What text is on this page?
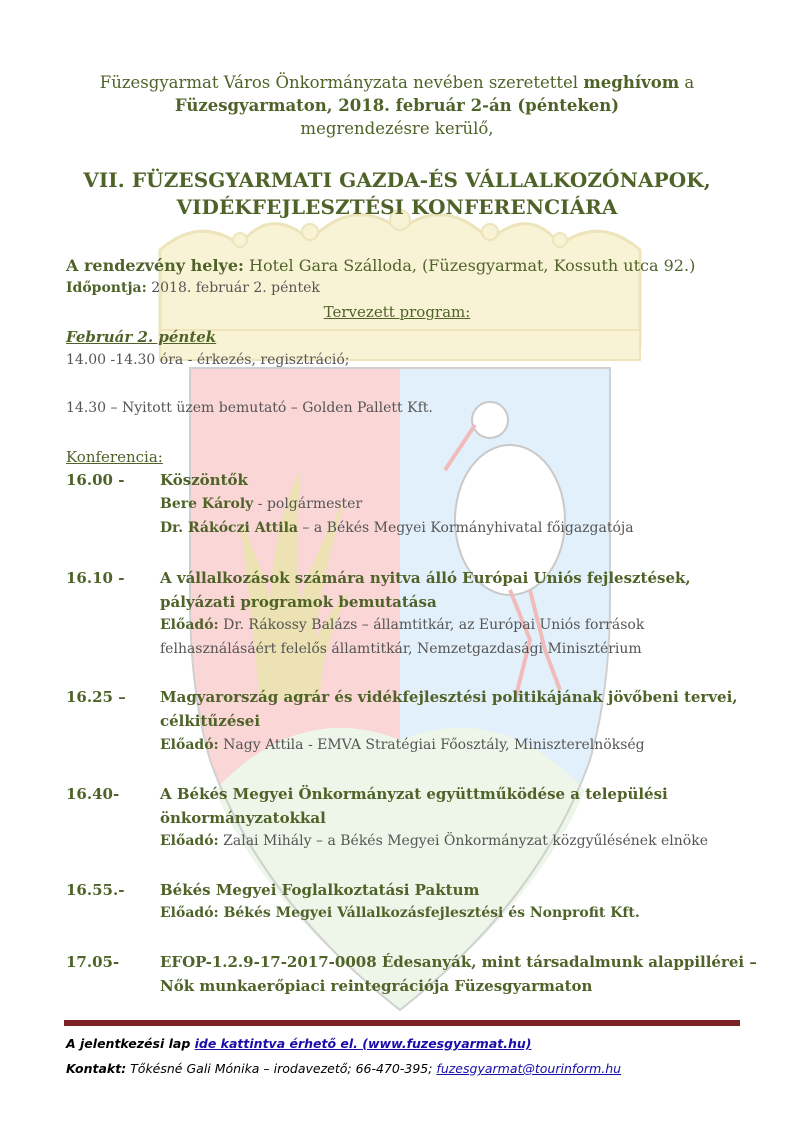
Füzesgyarmat Város Önkormányzata nevében szeretettel meghívom a
Füzesgyarmaton, 2018. február 2-án (pénteken)
megrendezésre kerülő,
VII. FÜZESGYARMATI GAZDA-ÉS VÁLLALKOZÓNAPOK,
VIDÉKFEJLESZTÉSI KONFERENCIÁRA
A rendezvény helye: Hotel Gara Szálloda, (Füzesgyarmat, Kossuth utca 92.)
Időpontja: 2018. február 2. péntek
Tervezett program:
Február 2. péntek
14.00 -14.30 óra - érkezés, regisztráció;
14.30 – Nyitott üzem bemutató – Golden Pallett Kft.
Konferencia:
16.00 - Köszöntők
Bere Károly - polgármester
Dr. Rákóczi Attila – a Békés Megyei Kormányhivatal főigazgatója
16.10 - A vállalkozások számára nyitva álló Európai Uniós fejlesztések,
pályázati programok bemutatása
Előadó: Dr. Rákossy Balázs – államtitkár, az Európai Uniós források
felhasználásáért felelős államtitkár, Nemzetgazdasági Minisztérium
16.25 – Magyarország agrár és vidékfejlesztési politikájának jövőbeni tervei,
célkitűzései
Előadó: Nagy Attila - EMVA Stratégiai Főosztály, Miniszterelnökség
16.40-	A Békés Megyei Önkormányzat együttműködése a települési
önkormányzatokkal
Előadó: Zalai Mihály – a Békés Megyei Önkormányzat közgyűlésének elnöke
16.55.- Békés Megyei Foglalkoztatási Paktum
Előadó: Békés Megyei Vállalkozásfejlesztési és Nonprofit Kft.
17.05-	EFOP-1.2.9-17-2017-0008 Édesanyák, mint társadalmunk alappillérei –
Nők munkaerőpiaci reintegrációja Füzesgyarmaton
A jelentkezési lap ide kattintva érhető el. (www.fuzesgyarmat.hu)
Kontakt: Tőkésné Gali Mónika – irodavezető; 66-470-395; fuzesgyarmat@tourinform.hu
